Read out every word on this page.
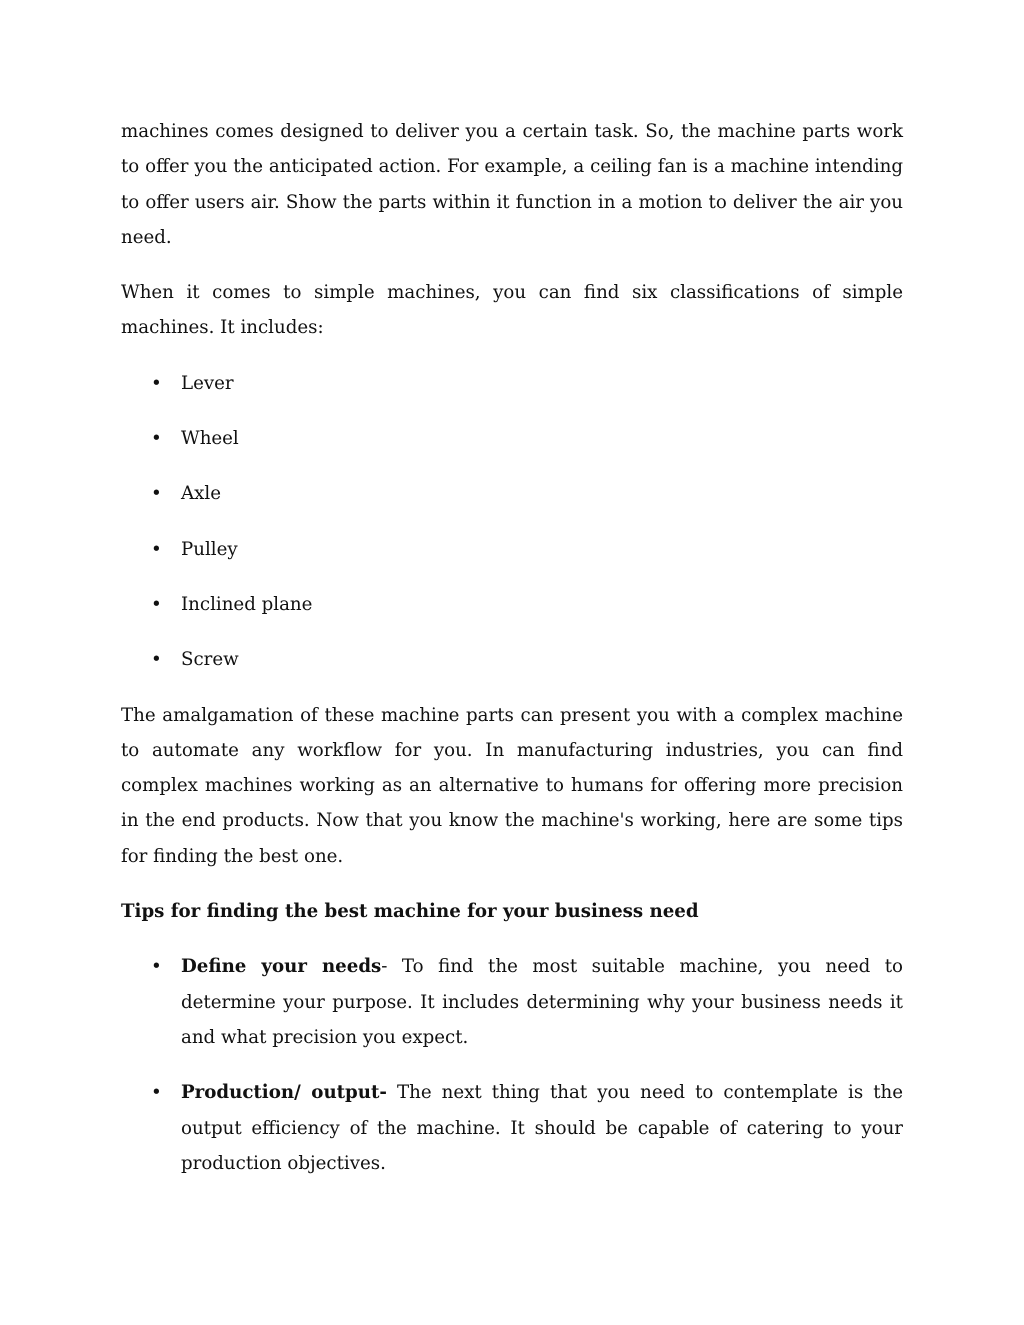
machines comes designed to deliver you a certain task. So, the machine parts work to offer you the anticipated action. For example, a ceiling fan is a machine intending to offer users air. Show the parts within it function in a motion to deliver the air you need.

When it comes to simple machines, you can find six classifications of simple machines. It includes:

• Lever
• Wheel
• Axle
• Pulley
• Inclined plane
• Screw

The amalgamation of these machine parts can present you with a complex machine to automate any workflow for you. In manufacturing industries, you can find complex machines working as an alternative to humans for offering more precision in the end products. Now that you know the machine's working, here are some tips for finding the best one.

Tips for finding the best machine for your business need

• Define your needs- To find the most suitable machine, you need to determine your purpose. It includes determining why your business needs it and what precision you expect.
• Production/ output- The next thing that you need to contemplate is the output efficiency of the machine. It should be capable of catering to your production objectives.
